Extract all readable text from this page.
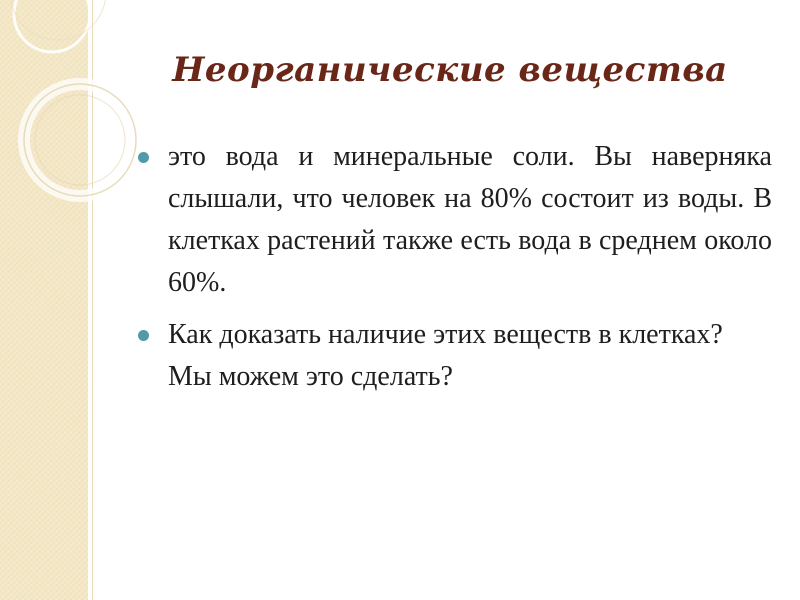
Неорганические вещества
это вода и минеральные соли. Вы наверняка слышали, что человек на 80% состоит из воды. В клетках растений также есть вода в среднем около 60%.
Как доказать наличие этих веществ в клетках? Мы можем это сделать?
